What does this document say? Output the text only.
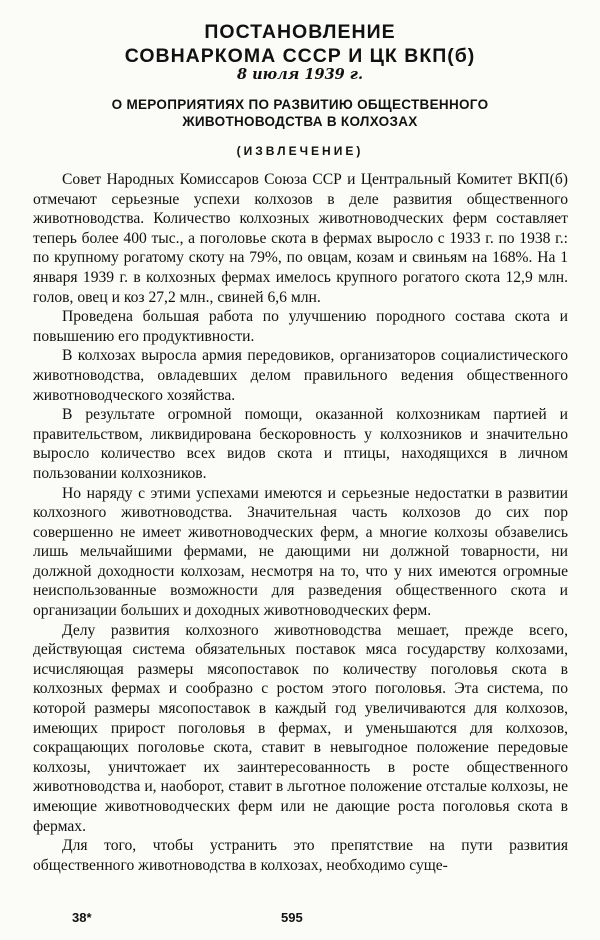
ПОСТАНОВЛЕНИЕ
СОВНАРКОМА СССР И ЦК ВКП(б)
8 июля 1939 г.
О МЕРОПРИЯТИЯХ ПО РАЗВИТИЮ ОБЩЕСТВЕННОГО
ЖИВОТНОВОДСТВА В КОЛХОЗАХ
(ИЗВЛЕЧЕНИЕ)

Совет Народных Комиссаров Союза ССР и Центральный Комитет ВКП(б) отмечают серьезные успехи колхозов в деле развития общественного животноводства. Количество колхозных животноводческих ферм составляет теперь более 400 тыс., а поголовье скота в фермах выросло с 1933 г. по 1938 г.: по крупному рогатому скоту на 79%, по овцам, козам и свиньям на 168%. На 1 января 1939 г. в колхозных фермах имелось крупного рогатого скота 12,9 млн. голов, овец и коз 27,2 млн., свиней 6,6 млн.

Проведена большая работа по улучшению породного состава скота и повышению его продуктивности.

В колхозах выросла армия передовиков, организаторов социалистического животноводства, овладевших делом правильного ведения общественного животноводческого хозяйства.

В результате огромной помощи, оказанной колхозникам партией и правительством, ликвидирована бескоровность у колхозников и значительно выросло количество всех видов скота и птицы, находящихся в личном пользовании колхозников.

Но наряду с этими успехами имеются и серьезные недостатки в развитии колхозного животноводства. Значительная часть колхозов до сих пор совершенно не имеет животноводческих ферм, а многие колхозы обзавелись лишь мельчайшими фермами, не дающими ни должной товарности, ни должной доходности колхозам, несмотря на то, что у них имеются огромные неиспользованные возможности для разведения общественного скота и организации больших и доходных животноводческих ферм.

Делу развития колхозного животноводства мешает, прежде всего, действующая система обязательных поставок мяса государству колхозами, исчисляющая размеры мясопоставок по количеству поголовья скота в колхозных фермах и сообразно с ростом этого поголовья. Эта система, по которой размеры мясопоставок в каждый год увеличиваются для колхозов, имеющих прирост поголовья в фермах, и уменьшаются для колхозов, сокращающих поголовье скота, ставит в невыгодное положение передовые колхозы, уничтожает их заинтересованность в росте общественного животноводства и, наоборот, ставит в льготное положение отсталые колхозы, не имеющие животноводческих ферм или не дающие роста поголовья скота в фермах.

Для того, чтобы устранить это препятствие на пути развития общественного животноводства в колхозах, необходимо суще-

38*	595
